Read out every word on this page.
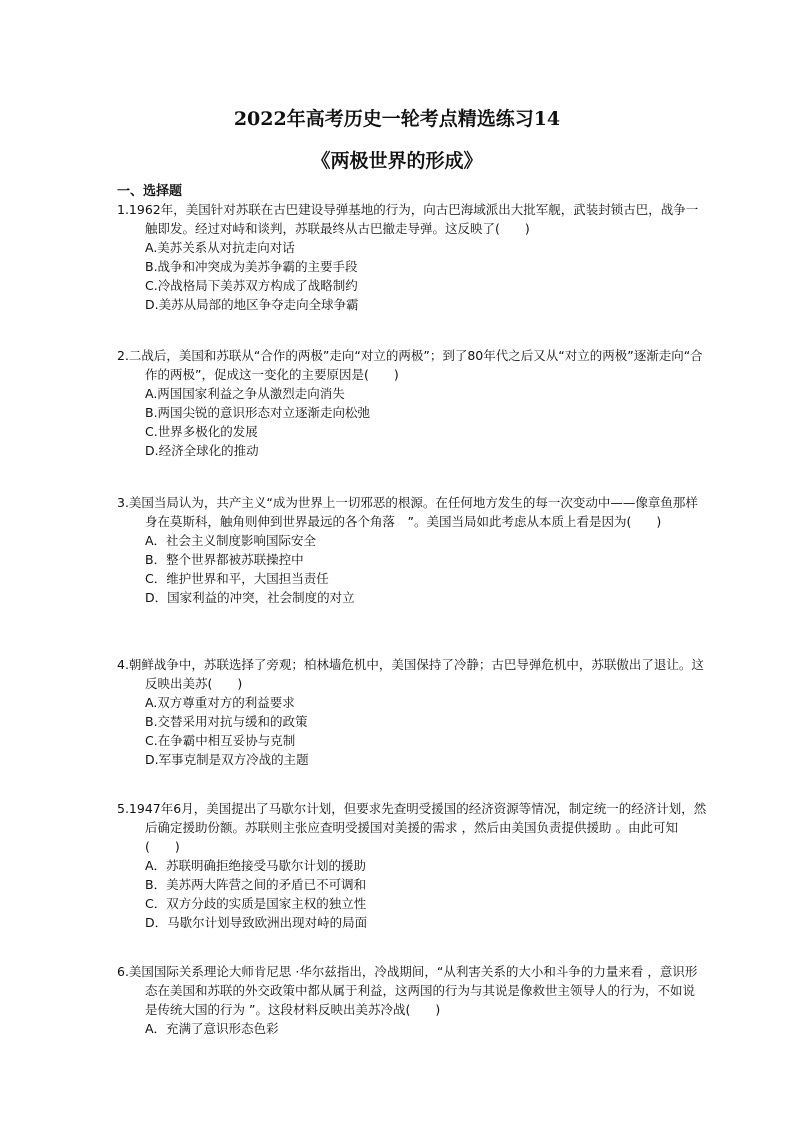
2022年高考历史一轮考点精选练习14
《两极世界的形成》
一、选择题
1.1962年，美国针对苏联在古巴建设导弹基地的行为，向古巴海域派出大批军舰，武装封锁古巴，战争一触即发。经过对峙和谈判，苏联最终从古巴撤走导弹。这反映了(　　)
A.美苏关系从对抗走向对话
B.战争和冲突成为美苏争霸的主要手段
C.冷战格局下美苏双方构成了战略制约
D.美苏从局部的地区争夺走向全球争霸
2.二战后，美国和苏联从“合作的两极”走向“对立的两极”；到了80年代之后又从“对立的两极”逐渐走向“合作的两极”，促成这一变化的主要原因是(　　)
A.两国国家利益之争从激烈走向消失
B.两国尖锐的意识形态对立逐渐走向松弛
C.世界多极化的发展
D.经济全球化的推动
3.美国当局认为，共产主义“成为世界上一切邪恶的根源。在任何地方发生的每一次变动中——像章鱼那样身在莫斯科，触角则伸到世界最远的各个角落　”。美国当局如此考虑从本质上看是因为(　　)
A．社会主义制度影响国际安全
B．整个世界都被苏联操控中
C．维护世界和平，大国担当责任
D．国家利益的冲突，社会制度的对立
4.朝鲜战争中，苏联选择了旁观；柏林墙危机中，美国保持了冷静；古巴导弹危机中，苏联傲出了退让。这反映出美苏(　　)
A.双方尊重对方的利益要求
B.交替采用对抗与缓和的政策
C.在争霸中相互妥协与克制
D.军事克制是双方冷战的主题
5.1947年6月，美国提出了马歇尔计划，但要求先查明受援国的经济资源等情况，制定统一的经济计划，然后确定援助份额。苏联则主张应查明受援国对美援的需求 ，然后由美国负责提供援助 。由此可知(　　)
A．苏联明确拒绝接受马歇尔计划的援助
B．美苏两大阵营之间的矛盾已不可调和
C．双方分歧的实质是国家主权的独立性
D．马歇尔计划导致欧洲出现对峙的局面
6.美国国际关系理论大师肯尼思 ·华尔兹指出，冷战期间，“从利害关系的大小和斗争的力量来看 ，意识形态在美国和苏联的外交政策中都从属于利益，这两国的行为与其说是像救世主领导人的行为，不如说是传统大国的行为 ”。这段材料反映出美苏冷战(　　)
A．充满了意识形态色彩
